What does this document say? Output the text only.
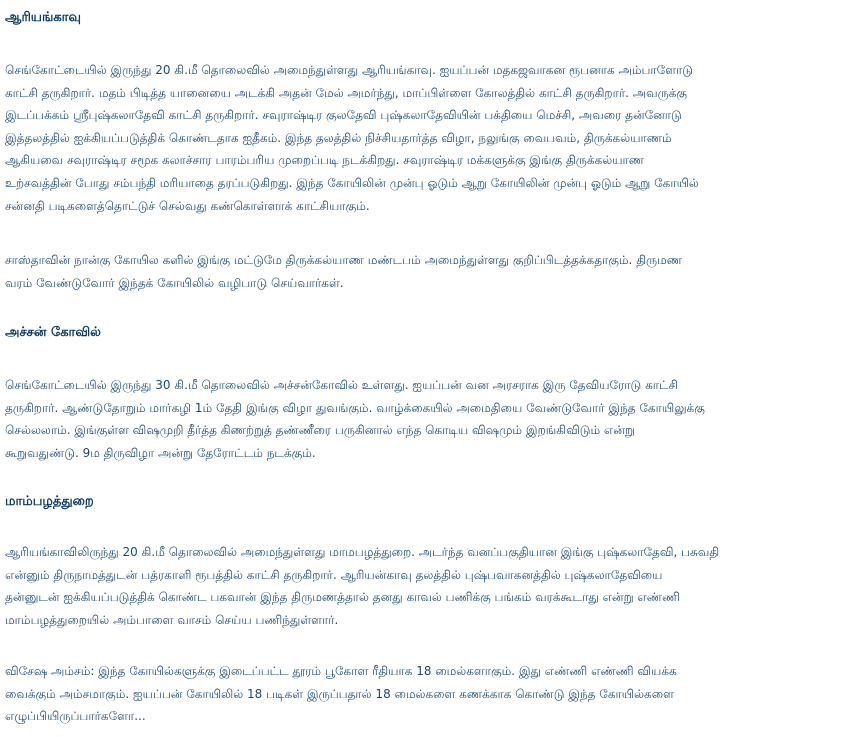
ஆரியங்காவு

செங்கோட்டையில் இருந்து 20 கி.மீ தொலைவில் அமைந்துள்ளது ஆரியங்காவு. ஐயப்பன் மதகஜவாகன ரூபனாக அம்பாளோடு
காட்சி தருகிறார். மதம் பிடித்த யானையை அடக்கி அதன் மேல் அமர்ந்து, மாப்பிள்ளை கோலத்தில் காட்சி தருகிறார். அவருக்கு
இடப்பக்கம் ஸ்ரீபுஷ்கலாதேவி காட்சி தருகிறார். சவுராஷ்டிர குலதேவி புஷ்கலாதேவியின் பக்தியை மெச்சி, அவரை தன்னோடு
இத்தலத்தில் ஐக்கியப்படுத்திக் கொண்டதாக ஐதீகம். இந்த தலத்தில் நிச்சியதார்த்த விழா, நலுங்கு வைபவம், திருக்கல்யாணம்
ஆகியவை சவுராஷ்டிர சமூக கலாச்சார பாரம்பரிய முறைப்படி நடக்கிறது. சவுராஷ்டிர மக்களுக்கு இங்கு திருக்கல்யாண
உற்சவத்தின் போது சம்பந்தி மரியாதை தரப்படுகிறது. இந்த கோயிலின் முன்பு ஓடும் ஆறு கோயிலின் முன்பு ஓடும் ஆறு கோயில்
சன்னதி படிகளைத்தொட்டுச் செல்வது கண்கொள்ளாக் காட்சியாகும்.

சாஸ்தாவின் நான்கு கோயில களில் இங்கு மட்டுமே திருக்கல்யாண மண்டபம் அமைந்துள்ளது குறிப்பிடத்தக்கதாகும். திருமண
வரம் வேண்டுவோர் இந்தக் கோயிலில் வழிபாடு செய்வார்கள்.

அச்சன் கோவில்

செங்கோட்டையில் இருந்து 30 கி.மீ தொலைவில் அச்சன்கோவில் உள்ளது. ஐயப்பன் வன அரசராக இரு தேவியரோடு காட்சி
தருகிறார். ஆண்டுதோறும் மார்கழி 1ம் தேதி இங்கு விழா துவங்கும். வாழ்க்கையில் அமைதியை வேண்டுவோர் இந்த கோயிலுக்கு
செல்லலாம். இங்குள்ள விஷமுறி தீர்த்த கிணற்றுத் தண்ணீரை பருகினால் எந்த கொடிய விஷமும் இறங்கிவிடும் என்று
கூறுவதுண்டு. 9ம திருவிழா அன்று தேரோட்டம் நடக்கும்.

மாம்பழத்துறை

ஆரியங்காவிலிருந்து 20 கி.மீ தொலைவில் அமைந்துள்ளது மாமபழத்துறை. அடர்ந்த வனப்பகுதியான இங்கு புஷ்கலாதேவி, பசுவதி
என்னும் திருநாமத்துடன் பத்ரகாளி ரூபத்தில் காட்சி தருகிறார். ஆரியன்காவு தலத்தில் புஷ்பவாகனத்தில் புஷ்கலாதேவியை
தன்னுடன் ஐக்கியப்படுத்திக் கொண்ட பகவான் இந்த திருமணத்தால் தனது காவல் பணிக்கு பங்கம் வரக்கூடாது என்று எண்ணி
மாம்பழத்துறையில் அம்பாளை வாசம் செய்ய பணிந்துள்ளார்.

விசேஷ அம்சம்: இந்த கோயில்களுக்கு இடைப்பட்ட தூரம் பூகோள ரீதியாக 18 மைல்களாகும். இது எண்ணி எண்ணி வியக்க
வைக்கும் அம்சமாகும். ஐயப்பன் கோயிலில் 18 படிகள் இருப்பதால் 18 மைல்களை கணக்காக கொண்டு இந்த கோயில்களை
எழுப்பியிருப்பார்களோ...
